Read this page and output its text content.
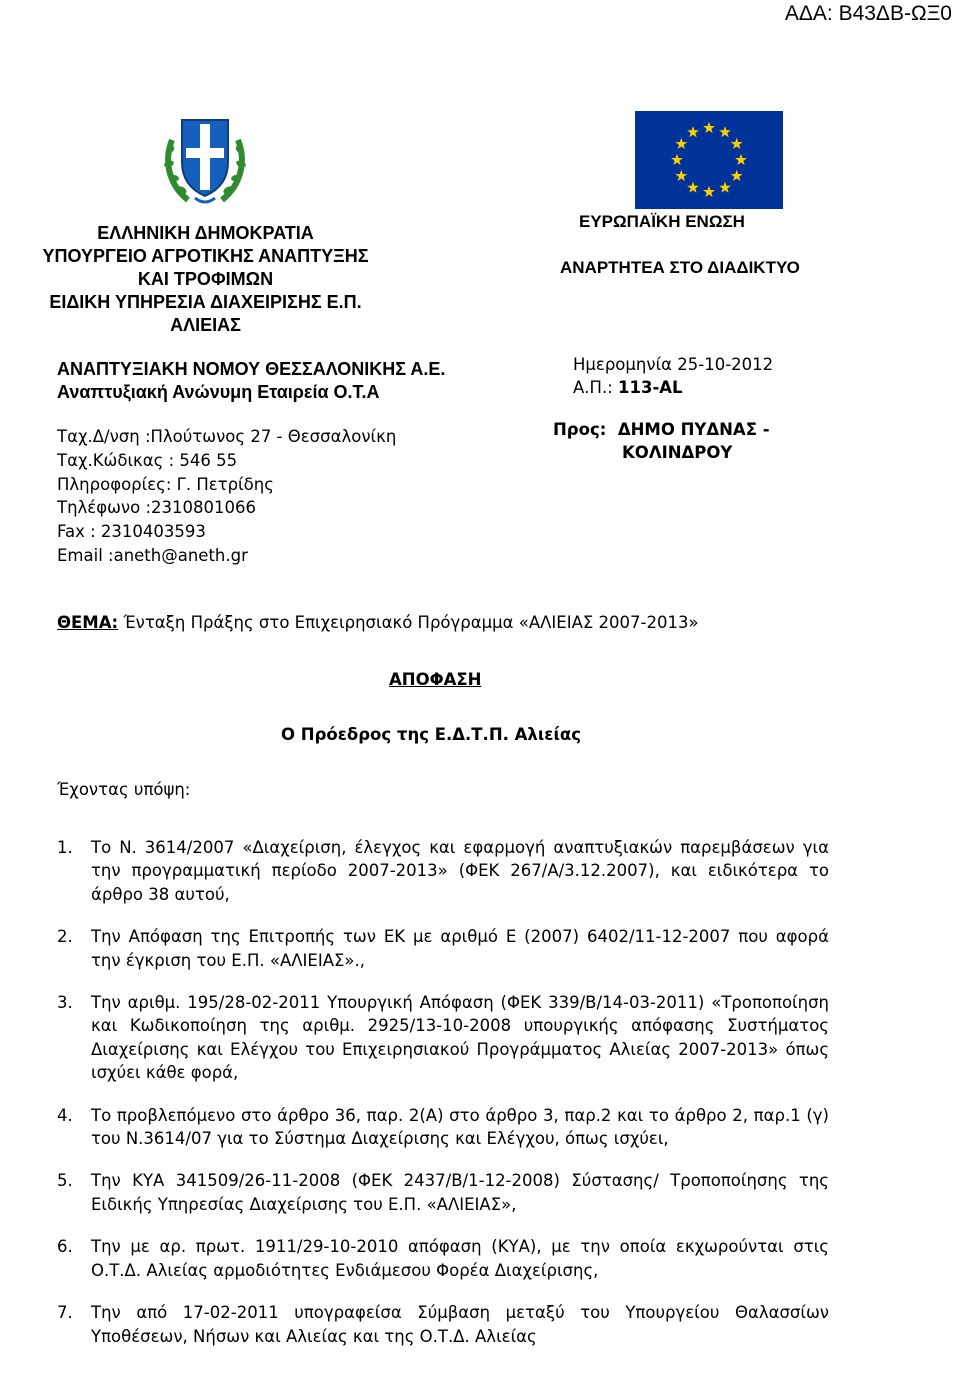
ΑΔΑ: Β43ΔΒ-ΩΞ0
ΕΛΛΗΝΙΚΗ ΔΗΜΟΚΡΑΤΙΑ
ΥΠΟΥΡΓΕΙΟ ΑΓΡΟΤΙΚΗΣ ΑΝΑΠΤΥΞΗΣ
ΚΑΙ ΤΡΟΦΙΜΩΝ
ΕΙΔΙΚΗ ΥΠΗΡΕΣΙΑ ΔΙΑΧΕΙΡΙΣΗΣ Ε.Π.
ΑΛΙΕΙΑΣ
ΑΝΑΠΤΥΞΙΑΚΗ ΝΟΜΟΥ ΘΕΣΣΑΛΟΝΙΚΗΣ Α.Ε.
Αναπτυξιακή Ανώνυμη Εταιρεία Ο.Τ.Α
Ταχ.Δ/νση :Πλούτωνος 27 - Θεσσαλονίκη
Ταχ.Κώδικας : 546 55
Πληροφορίες: Γ. Πετρίδης
Τηλέφωνο :2310801066
Fax : 2310403593
Email :aneth@aneth.gr
ΕΥΡΩΠΑΪΚΗ ΕΝΩΣΗ
ΑΝΑΡΤΗΤΕΑ ΣΤΟ ΔΙΑΔΙΚΤΥΟ
Ημερομηνία 25-10-2012
Α.Π.: 113-AL
Προς:  ΔΗΜΟ ΠΥΔΝΑΣ -
ΚΟΛΙΝΔΡΟΥ
ΘΕΜΑ: Ένταξη Πράξης στο Επιχειρησιακό Πρόγραμμα «ΑΛΙΕΙΑΣ 2007-2013»
ΑΠΟΦΑΣΗ
Ο Πρόεδρος της Ε.Δ.Τ.Π. Αλιείας
Έχοντας υπόψη:
1.	Το Ν. 3614/2007 «Διαχείριση, έλεγχος και εφαρμογή αναπτυξιακών παρεμβάσεων για την προγραμματική περίοδο 2007-2013» (ΦΕΚ 267/Α/3.12.2007), και ειδικότερα το άρθρο 38 αυτού,
2.	Την Απόφαση της Επιτροπής των ΕΚ με αριθμό Ε (2007) 6402/11-12-2007 που αφορά την έγκριση του Ε.Π. «ΑΛΙΕΙΑΣ».,
3.	Την αριθμ. 195/28-02-2011 Υπουργική Απόφαση (ΦΕΚ 339/Β/14-03-2011) «Τροποποίηση και Κωδικοποίηση της αριθμ. 2925/13-10-2008 υπουργικής απόφασης Συστήματος Διαχείρισης και Ελέγχου του Επιχειρησιακού Προγράμματος Αλιείας 2007-2013» όπως ισχύει κάθε φορά,
4.	Το προβλεπόμενο στο άρθρο 36, παρ. 2(Α) στο άρθρο 3, παρ.2 και το άρθρο 2, παρ.1 (γ) του Ν.3614/07 για το Σύστημα Διαχείρισης και Ελέγχου, όπως ισχύει,
5.	Την ΚΥΑ 341509/26-11-2008 (ΦΕΚ 2437/Β/1-12-2008) Σύστασης/ Τροποποίησης της Ειδικής Υπηρεσίας Διαχείρισης του Ε.Π. «ΑΛΙΕΙΑΣ»,
6.	Την με αρ. πρωτ. 1911/29-10-2010 απόφαση (ΚΥΑ), με την οποία εκχωρούνται στις Ο.Τ.Δ. Αλιείας αρμοδιότητες Ενδιάμεσου Φορέα Διαχείρισης,
7.	Την από 17-02-2011 υπογραφείσα Σύμβαση μεταξύ του Υπουργείου Θαλασσίων Υποθέσεων, Νήσων και Αλιείας και της Ο.Τ.Δ. Αλιείας
